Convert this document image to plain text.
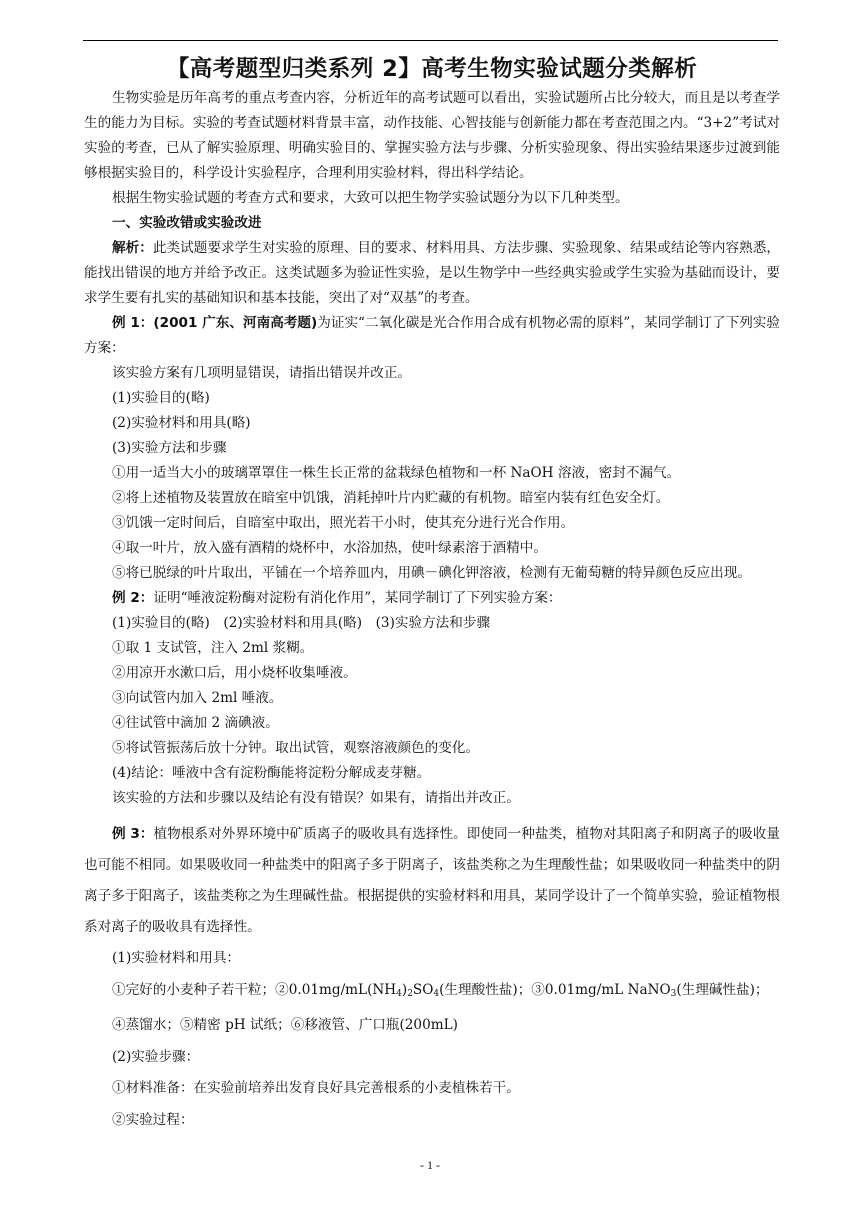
【高考题型归类系列 2】高考生物实验试题分类解析

生物实验是历年高考的重点考查内容，分析近年的高考试题可以看出，实验试题所占比分较大，而且是以考查学生的能力为目标。实验的考查试题材料背景丰富，动作技能、心智技能与创新能力都在考查范围之内。“3+2”考试对实验的考查，已从了解实验原理、明确实验目的、掌握实验方法与步骤、分析实验现象、得出实验结果逐步过渡到能够根据实验目的，科学设计实验程序，合理利用实验材料，得出科学结论。

根据生物实验试题的考查方式和要求，大致可以把生物学实验试题分为以下几种类型。

一、实验改错或实验改进

解析：此类试题要求学生对实验的原理、目的要求、材料用具、方法步骤、实验现象、结果或结论等内容熟悉，能找出错误的地方并给予改正。这类试题多为验证性实验，是以生物学中一些经典实验或学生实验为基础而设计，要求学生要有扎实的基础知识和基本技能，突出了对“双基”的考查。

例 1：(2001 广东、河南高考题)为证实“二氧化碳是光合作用合成有机物必需的原料”，某同学制订了下列实验方案：

该实验方案有几项明显错误，请指出错误并改正。

(1)实验目的(略)

(2)实验材料和用具(略)

(3)实验方法和步骤

①用一适当大小的玻璃罩罩住一株生长正常的盆栽绿色植物和一杯 NaOH 溶液，密封不漏气。

②将上述植物及装置放在暗室中饥饿，消耗掉叶片内贮藏的有机物。暗室内装有红色安全灯。

③饥饿一定时间后，自暗室中取出，照光若干小时，使其充分进行光合作用。

④取一叶片，放入盛有酒精的烧杯中，水浴加热，使叶绿素溶于酒精中。

⑤将已脱绿的叶片取出，平铺在一个培养皿内，用碘－碘化钾溶液，检测有无葡萄糖的特异颜色反应出现。

例 2：证明“唾液淀粉酶对淀粉有消化作用”，某同学制订了下列实验方案：

(1)实验目的(略)　(2)实验材料和用具(略)　(3)实验方法和步骤

①取 1 支试管，注入 2ml 浆糊。

②用凉开水漱口后，用小烧杯收集唾液。

③向试管内加入 2ml 唾液。

④往试管中滴加 2 滴碘液。

⑤将试管振荡后放十分钟。取出试管，观察溶液颜色的变化。

(4)结论：唾液中含有淀粉酶能将淀粉分解成麦芽糖。

该实验的方法和步骤以及结论有没有错误？如果有，请指出并改正。

例 3：植物根系对外界环境中矿质离子的吸收具有选择性。即使同一种盐类，植物对其阳离子和阴离子的吸收量也可能不相同。如果吸收同一种盐类中的阳离子多于阴离子，该盐类称之为生理酸性盐；如果吸收同一种盐类中的阴离子多于阳离子，该盐类称之为生理碱性盐。根据提供的实验材料和用具，某同学设计了一个简单实验，验证植物根系对离子的吸收具有选择性。

(1)实验材料和用具：

①完好的小麦种子若干粒；$②0.01mg/mL(NH_4)_2SO_4$(生理酸性盐)；③0.01mg/mL NaNO$_3$(生理碱性盐)；

④蒸馏水；⑤精密 pH 试纸；⑥移液管、广口瓶(200mL)

(2)实验步骤：

①材料准备：在实验前培养出发育良好具完善根系的小麦植株若干。

②实验过程：

- 1 -
